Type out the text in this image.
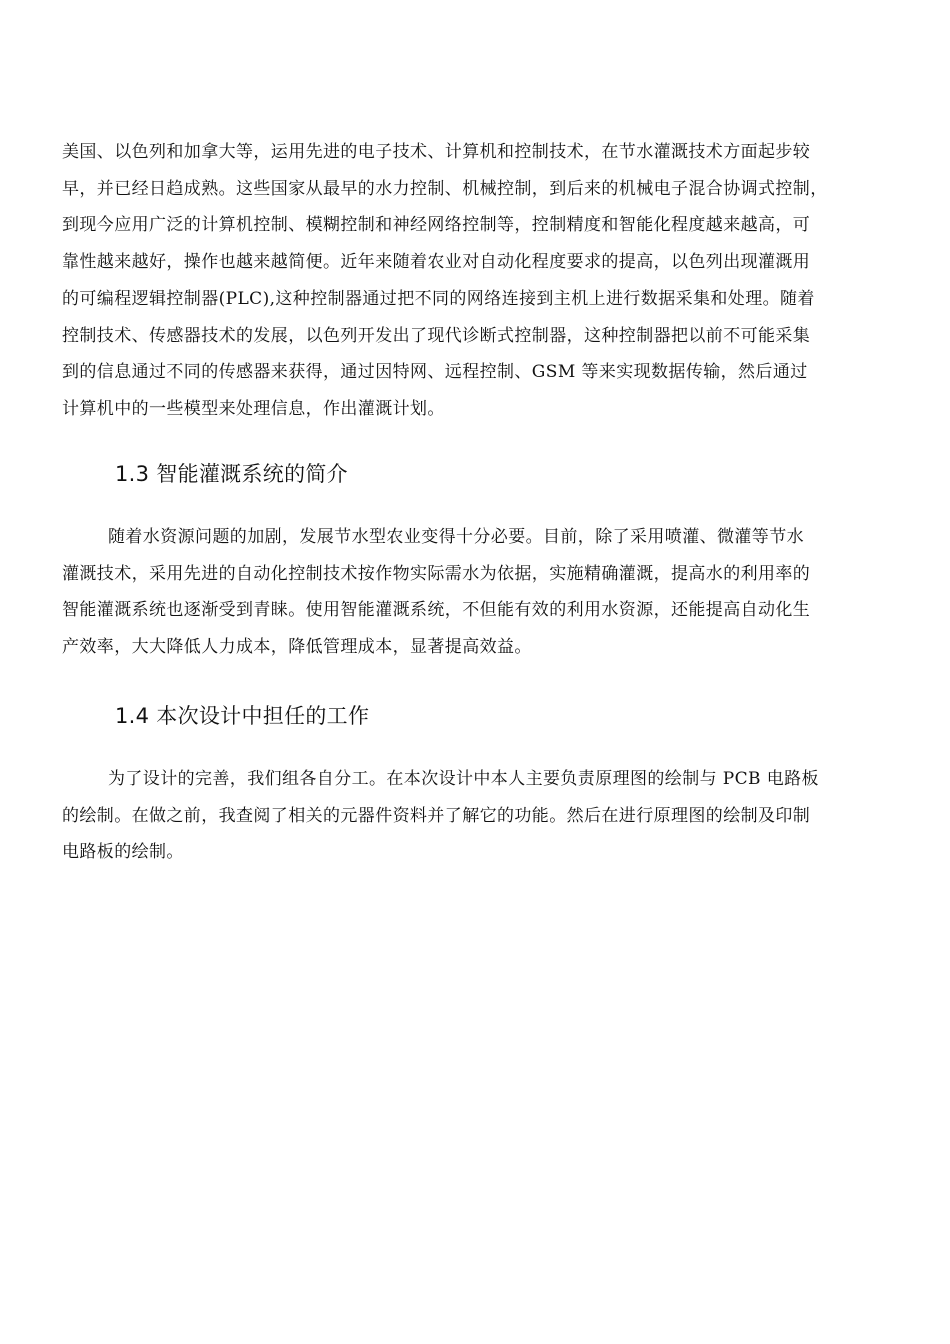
美国、以色列和加拿大等，运用先进的电子技术、计算机和控制技术，在节水灌溉技术方面起步较
早，并已经日趋成熟。这些国家从最早的水力控制、机械控制，到后来的机械电子混合协调式控制，
到现今应用广泛的计算机控制、模糊控制和神经网络控制等，控制精度和智能化程度越来越高，可
靠性越来越好，操作也越来越简便。近年来随着农业对自动化程度要求的提高，以色列出现灌溉用
的可编程逻辑控制器(PLC),这种控制器通过把不同的网络连接到主机上进行数据采集和处理。随着
控制技术、传感器技术的发展，以色列开发出了现代诊断式控制器，这种控制器把以前不可能采集
到的信息通过不同的传感器来获得，通过因特网、远程控制、GSM 等来实现数据传输，然后通过
计算机中的一些模型来处理信息，作出灌溉计划。

1.3 智能灌溉系统的简介

随着水资源问题的加剧，发展节水型农业变得十分必要。目前，除了采用喷灌、微灌等节水
灌溉技术，采用先进的自动化控制技术按作物实际需水为依据，实施精确灌溉，提高水的利用率的
智能灌溉系统也逐渐受到青睐。使用智能灌溉系统，不但能有效的利用水资源，还能提高自动化生
产效率，大大降低人力成本，降低管理成本，显著提高效益。

1.4 本次设计中担任的工作

为了设计的完善，我们组各自分工。在本次设计中本人主要负责原理图的绘制与 PCB 电路板
的绘制。在做之前，我查阅了相关的元器件资料并了解它的功能。然后在进行原理图的绘制及印制
电路板的绘制。
